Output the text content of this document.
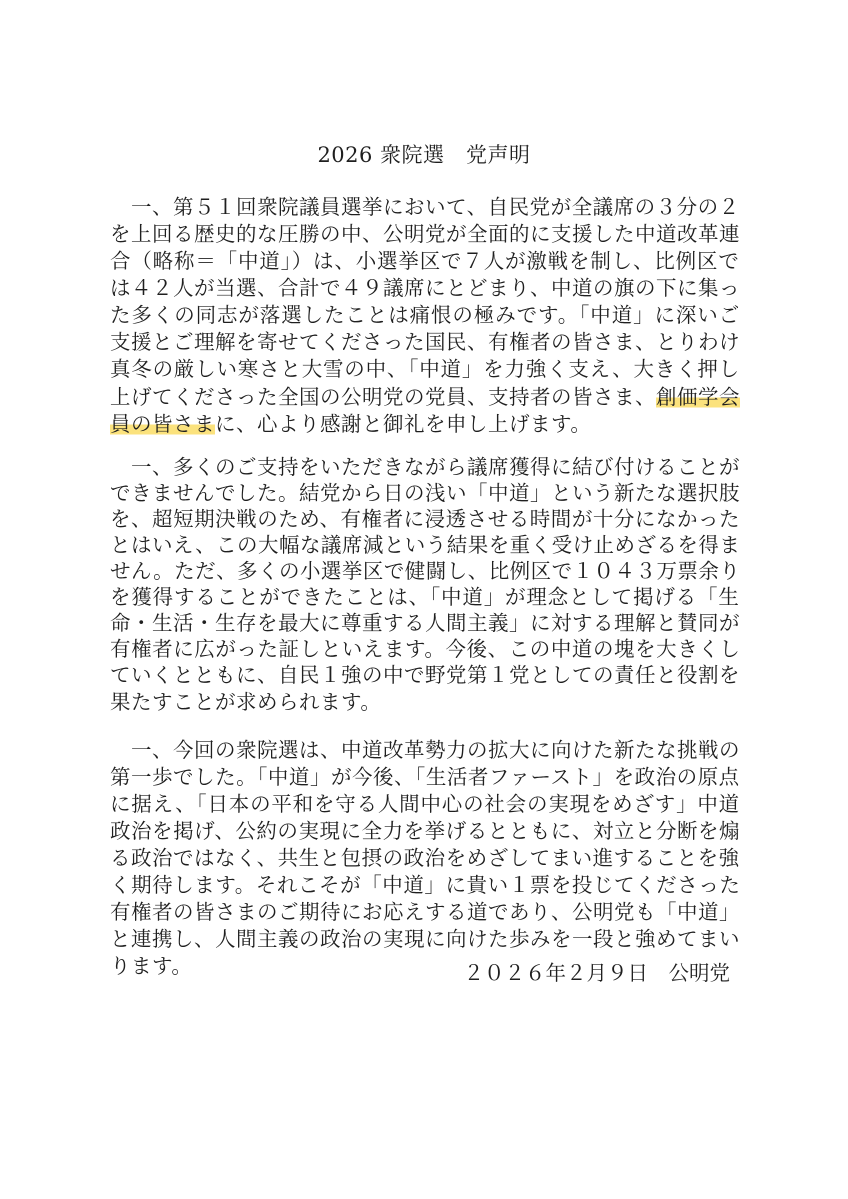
2026 衆院選　党声明
　一、第５１回衆院議員選挙において、自民党が全議席の３分の２
を上回る歴史的な圧勝の中、公明党が全面的に支援した中道改革連
合（略称＝「中道」）は、小選挙区で７人が激戦を制し、比例区で
は４２人が当選、合計で４９議席にとどまり、中道の旗の下に集っ
た多くの同志が落選したことは痛恨の極みです。「中道」に深いご
支援とご理解を寄せてくださった国民、有権者の皆さま、とりわけ
真冬の厳しい寒さと大雪の中、「中道」を力強く支え、大きく押し
上げてくださった全国の公明党の党員、支持者の皆さま、創価学会
員の皆さまに、心より感謝と御礼を申し上げます。
　一、多くのご支持をいただきながら議席獲得に結び付けることが
できませんでした。結党から日の浅い「中道」という新たな選択肢
を、超短期決戦のため、有権者に浸透させる時間が十分になかった
とはいえ、この大幅な議席減という結果を重く受け止めざるを得ま
せん。ただ、多くの小選挙区で健闘し、比例区で１０４３万票余り
を獲得することができたことは、「中道」が理念として掲げる「生
命・生活・生存を最大に尊重する人間主義」に対する理解と賛同が
有権者に広がった証しといえます。今後、この中道の塊を大きくし
ていくとともに、自民１強の中で野党第１党としての責任と役割を
果たすことが求められます。
　一、今回の衆院選は、中道改革勢力の拡大に向けた新たな挑戦の
第一歩でした。「中道」が今後、「生活者ファースト」を政治の原点
に据え、「日本の平和を守る人間中心の社会の実現をめざす」中道
政治を掲げ、公約の実現に全力を挙げるとともに、対立と分断を煽
る政治ではなく、共生と包摂の政治をめざしてまい進することを強
く期待します。それこそが「中道」に貴い１票を投じてくださった
有権者の皆さまのご期待にお応えする道であり、公明党も「中道」
と連携し、人間主義の政治の実現に向けた歩みを一段と強めてまい
ります。	２０２６年２月９日　公明党
